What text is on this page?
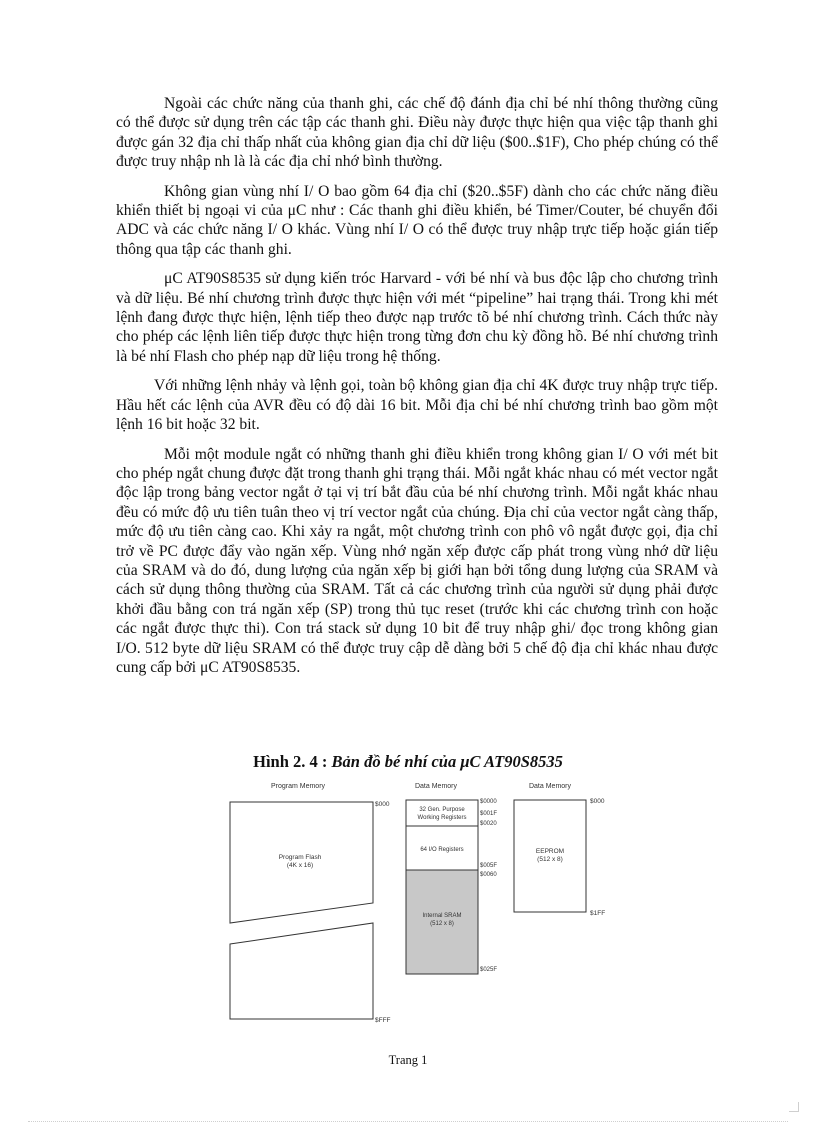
Ngoài các chức năng của thanh ghi, các chế độ đánh địa chỉ bé nhí thông thường cũng có thể được sử dụng trên các tập các thanh ghi. Điều này được thực hiện qua việc tập thanh ghi được gán 32 địa chỉ thấp nhất của không gian địa chỉ dữ liệu ($00..$1F), Cho phép chúng có thể được truy nhập nh là là các địa chỉ nhớ bình thường.

Không gian vùng nhí I/ O bao gồm 64 địa chỉ ($20..$5F) dành cho các chức năng điều khiển thiết bị ngoại vi của μC như : Các thanh ghi điều khiển, bé Timer/Couter, bé chuyển đổi ADC và các chức năng I/ O khác. Vùng nhí I/ O có thể được truy nhập trực tiếp hoặc gián tiếp thông qua tập các thanh ghi.

μC AT90S8535 sử dụng kiến tróc Harvard - với bé nhí và bus độc lập cho chương trình và dữ liệu. Bé nhí chương trình được thực hiện với mét “pipeline” hai trạng thái. Trong khi mét lệnh đang được thực hiện, lệnh tiếp theo được nạp trước tõ bé nhí chương trình. Cách thức này cho phép các lệnh liên tiếp được thực hiện trong từng đơn chu kỳ đồng hồ. Bé nhí chương trình là bé nhí Flash cho phép nạp dữ liệu trong hệ thống.

Với những lệnh nhảy và lệnh gọi, toàn bộ không gian địa chỉ 4K được truy nhập trực tiếp. Hầu hết các lệnh của AVR đều có độ dài 16 bit. Mỗi địa chỉ bé nhí chương trình bao gồm một lệnh 16 bit hoặc 32 bit.

Mỗi một module ngắt có những thanh ghi điều khiển trong không gian I/ O với mét bit cho phép ngắt chung được đặt trong thanh ghi trạng thái. Mỗi ngắt khác nhau có mét vector ngắt độc lập trong bảng vector ngắt ở tại vị trí bắt đầu của bé nhí chương trình. Mỗi ngắt khác nhau đều có mức độ ưu tiên tuân theo vị trí vector ngắt của chúng. Địa chỉ của vector ngắt càng thấp, mức độ ưu tiên càng cao. Khi xảy ra ngắt, một chương trình con phô vô ngắt được gọi, địa chỉ trở về PC được đẩy vào ngăn xếp. Vùng nhớ ngăn xếp được cấp phát trong vùng nhớ dữ liệu của SRAM và do đó, dung lượng của ngăn xếp bị giới hạn bởi tổng dung lượng của SRAM và cách sử dụng thông thường của SRAM. Tất cả các chương trình của người sử dụng phải được khởi đầu bằng con trá ngăn xếp (SP) trong thủ tục reset (trước khi các chương trình con hoặc các ngắt được thực thi). Con trá stack sử dụng 10 bit để truy nhập ghi/ đọc trong không gian I/O. 512 byte dữ liệu SRAM có thể được truy cập dễ dàng bởi 5 chế độ địa chỉ khác nhau được cung cấp bởi μC AT90S8535.

Hình 2. 4 : Bản đồ bé nhí của μC AT90S8535
Program Memory
Program Flash
(4K x 16)
$000
$FFF
Data Memory
32 Gen. Purpose
Working Registers
64 I/O Registers
Internal SRAM
(512 x 8)
$0000
$001F
$0020
$005F
$0060
$025F
Data Memory
EEPROM
(512 x 8)
$000
$1FF
Trang 1
